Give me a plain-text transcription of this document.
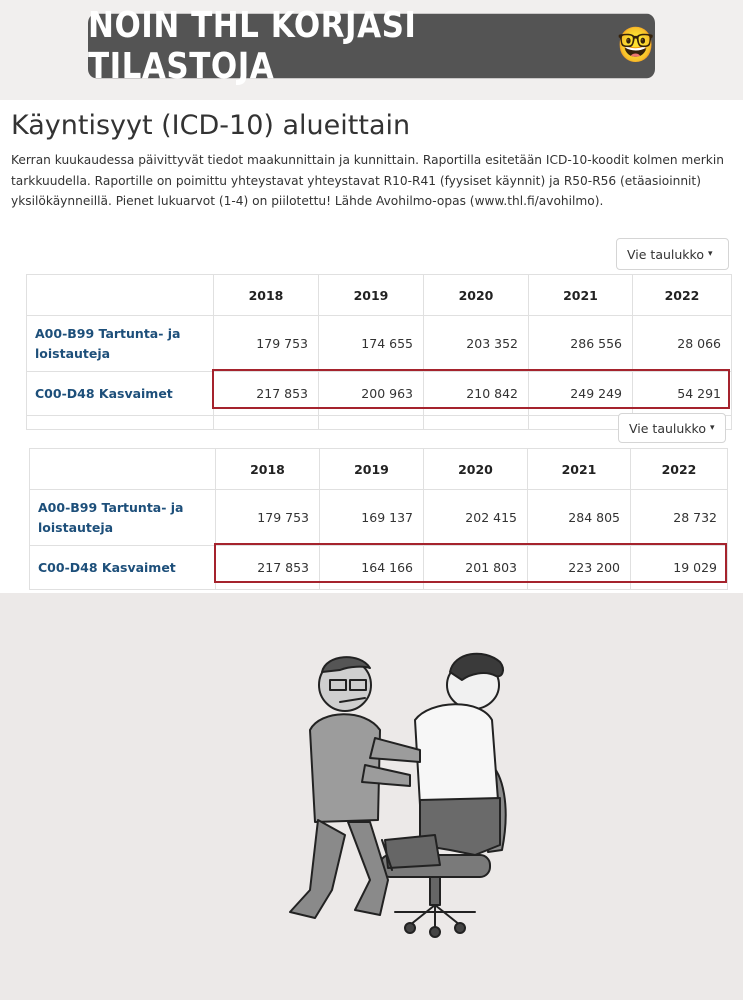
NOIN THL KORJASI TILASTOJA
🤓
Käyntisyyt (ICD-10) alueittain
Kerran kuukaudessa päivittyvät tiedot maakunnittain ja kunnittain. Raportilla esitetään ICD-10-koodit kolmen merkin tarkkuudella. Raportille on poimittu yhteystavat yhteystavat R10-R41 (fyysiset käynnit) ja R50-R56 (etäasioinnit) yksilökäynneillä. Pienet lukuarvot (1-4) on piilotettu! Lähde Avohilmo-opas (www.thl.fi/avohilmo).
Vie taulukko ▾
	2018	2019	2020	2021	2022
A00-B99 Tartunta- ja loistauteja	179 753	174 655	203 352	286 556	28 066
C00-D48 Kasvaimet	217 853	200 963	210 842	249 249	54 291

Vie taulukko ▾
	2018	2019	2020	2021	2022
A00-B99 Tartunta- ja loistauteja	179 753	169 137	202 415	284 805	28 732
C00-D48 Kasvaimet	217 853	164 166	201 803	223 200	19 029
